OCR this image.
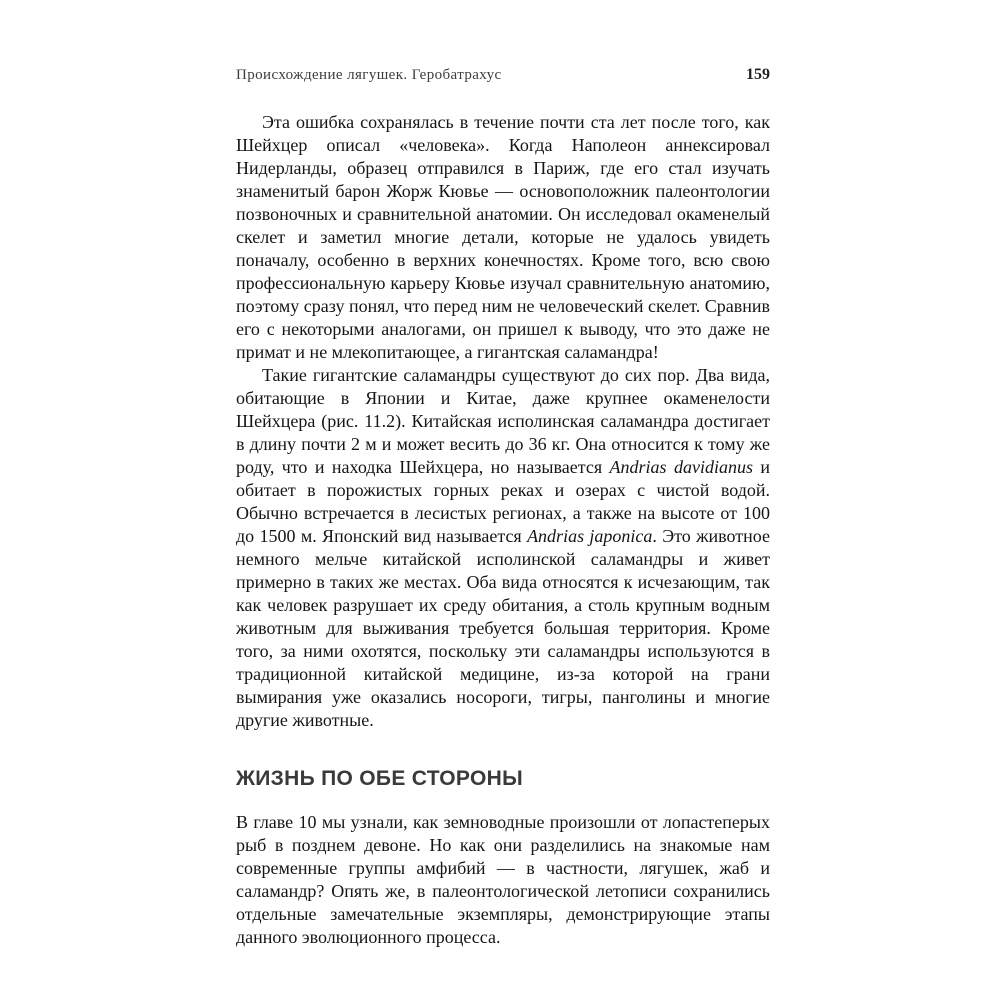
Происхождение лягушек. Геробатрахус	159

Эта ошибка сохранялась в течение почти ста лет после того, как Шейхцер описал «человека». Когда Наполеон аннексировал Нидерланды, образец отправился в Париж, где его стал изучать знаменитый барон Жорж Кювье — основоположник палеонтологии позвоночных и сравнительной анатомии. Он исследовал окаменелый скелет и заметил многие детали, которые не удалось увидеть поначалу, особенно в верхних конечностях. Кроме того, всю свою профессиональную карьеру Кювье изучал сравнительную анатомию, поэтому сразу понял, что перед ним не человеческий скелет. Сравнив его с некоторыми аналогами, он пришел к выводу, что это даже не примат и не млекопитающее, а гигантская саламандра!

Такие гигантские саламандры существуют до сих пор. Два вида, обитающие в Японии и Китае, даже крупнее окаменелости Шейхцера (рис. 11.2). Китайская исполинская саламандра достигает в длину почти 2 м и может весить до 36 кг. Она относится к тому же роду, что и находка Шейхцера, но называется Andrias davidianus и обитает в порожистых горных реках и озерах с чистой водой. Обычно встречается в лесистых регионах, а также на высоте от 100 до 1500 м. Японский вид называется Andrias japonica. Это животное немного мельче китайской исполинской саламандры и живет примерно в таких же местах. Оба вида относятся к исчезающим, так как человек разрушает их среду обитания, а столь крупным водным животным для выживания требуется большая территория. Кроме того, за ними охотятся, поскольку эти саламандры используются в традиционной китайской медицине, из-за которой на грани вымирания уже оказались носороги, тигры, панголины и многие другие животные.

ЖИЗНЬ ПО ОБЕ СТОРОНЫ

В главе 10 мы узнали, как земноводные произошли от лопастеперых рыб в позднем девоне. Но как они разделились на знакомые нам современные группы амфибий — в частности, лягушек, жаб и саламандр? Опять же, в палеонтологической летописи сохранились отдельные замечательные экземпляры, демонстрирующие этапы данного эволюционного процесса.
